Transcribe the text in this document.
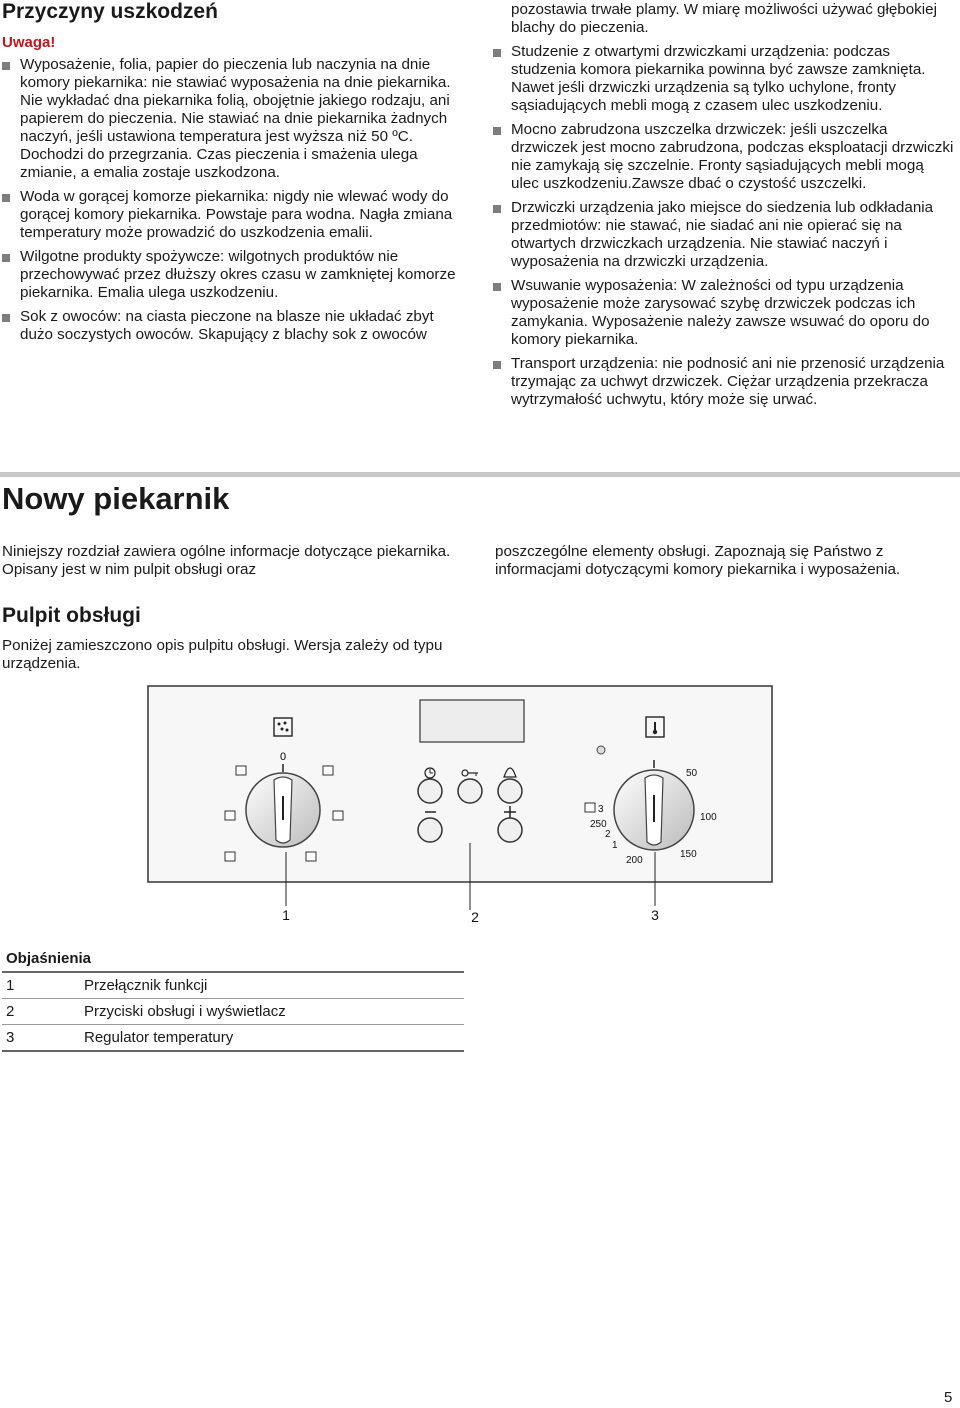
Przyczyny uszkodzeń
Uwaga!
Wyposażenie, folia, papier do pieczenia lub naczynia na dnie komory piekarnika: nie stawiać wyposażenia na dnie piekarnika. Nie wykładać dna piekarnika folią, obojętnie jakiego rodzaju, ani papierem do pieczenia. Nie stawiać na dnie piekarnika żadnych naczyń, jeśli ustawiona temperatura jest wyższa niż 50 ºC. Dochodzi do przegrzania. Czas pieczenia i smażenia ulega zmianie, a emalia zostaje uszkodzona.
Woda w gorącej komorze piekarnika: nigdy nie wlewać wody do gorącej komory piekarnika. Powstaje para wodna. Nagła zmiana temperatury może prowadzić do uszkodzenia emalii.
Wilgotne produkty spożywcze: wilgotnych produktów nie przechowywać przez dłuższy okres czasu w zamkniętej komorze piekarnika. Emalia ulega uszkodzeniu.
Sok z owoców: na ciasta pieczone na blasze nie układać zbyt dużo soczystych owoców. Skapujący z blachy sok z owoców

pozostawia trwałe plamy. W miarę możliwości używać głębokiej blachy do pieczenia.

Studzenie z otwartymi drzwiczkami urządzenia: podczas studzenia komora piekarnika powinna być zawsze zamknięta. Nawet jeśli drzwiczki urządzenia są tylko uchylone, fronty sąsiadujących mebli mogą z czasem ulec uszkodzeniu.
Mocno zabrudzona uszczelka drzwiczek: jeśli uszczelka drzwiczek jest mocno zabrudzona, podczas eksploatacji drzwiczki nie zamykają się szczelnie. Fronty sąsiadujących mebli mogą ulec uszkodzeniu.Zawsze dbać o czystość uszczelki.
Drzwiczki urządzenia jako miejsce do siedzenia lub odkładania przedmiotów: nie stawać, nie siadać ani nie opierać się na otwartych drzwiczkach urządzenia. Nie stawiać naczyń i wyposażenia na drzwiczki urządzenia.
Wsuwanie wyposażenia: W zależności od typu urządzenia wyposażenie może zarysować szybę drzwiczek podczas ich zamykania. Wyposażenie należy zawsze wsuwać do oporu do komory piekarnika.
Transport urządzenia: nie podnosić ani nie przenosić urządzenia trzymając za uchwyt drzwiczek. Ciężar urządzenia przekracza wytrzymałość uchwytu, który może się urwać.
Nowy piekarnik

Niniejszy rozdział zawiera ogólne informacje dotyczące piekarnika. Opisany jest w nim pulpit obsługi oraz

poszczególne elementy obsługi. Zapoznają się Państwo z informacjami dotyczącymi komory piekarnika i wyposażenia.

Pulpit obsługi

Poniżej zamieszczono opis pulpitu obsługi. Wersja zależy od typu urządzenia.

0
50
100
150
200
1
2
250
3
1	2	3
Objaśnienia	
1	Przełącznik funkcji
2	Przyciski obsługi i wyświetlacz
3	Regulator temperatury
5
